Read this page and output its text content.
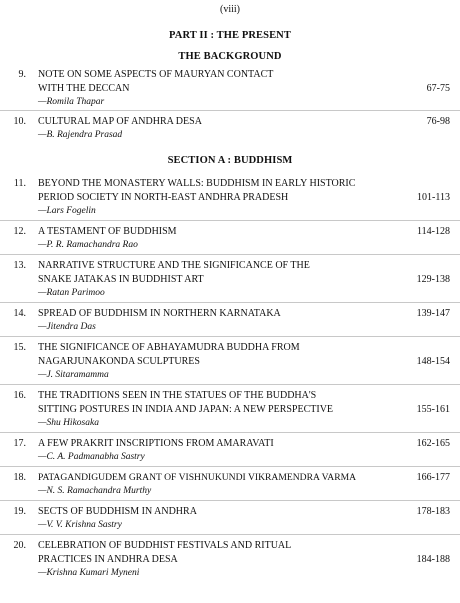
(viii)
PART II : THE PRESENT
THE BACKGROUND
9. NOTE ON SOME ASPECTS OF MAURYAN CONTACT
WITH THE DECCAN
—Romila Thapar
67-75
10. CULTURAL MAP OF ANDHRA DESA
—B. Rajendra Prasad
76-98
SECTION A : BUDDHISM
11. BEYOND THE MONASTERY WALLS: BUDDHISM IN EARLY HISTORIC
PERIOD SOCIETY IN NORTH-EAST ANDHRA PRADESH
—Lars Fogelin
101-113
12. A TESTAMENT OF BUDDHISM
—P. R. Ramachandra Rao
114-128
13. NARRATIVE STRUCTURE AND THE SIGNIFICANCE OF THE
SNAKE JATAKAS IN BUDDHIST ART
—Ratan Parimoo
129-138
14. SPREAD OF BUDDHISM IN NORTHERN KARNATAKA
—Jitendra Das
139-147
15. THE SIGNIFICANCE OF ABHAYAMUDRA BUDDHA FROM
NAGARJUNAKONDA SCULPTURES
—J. Sitaramamma
148-154
16. THE TRADITIONS SEEN IN THE STATUES OF THE BUDDHA'S
SITTING POSTURES IN INDIA AND JAPAN: A NEW PERSPECTIVE
—Shu Hikosaka
155-161
17. A FEW PRAKRIT INSCRIPTIONS FROM AMARAVATI
—C. A. Padmanabha Sastry
162-165
18. PATAGANDIGUDEM GRANT OF VISHNUKUNDI VIKRAMENDRA VARMA
—N. S. Ramachandra Murthy
166-177
19. SECTS OF BUDDHISM IN ANDHRA
—V. V. Krishna Sastry
178-183
20. CELEBRATION OF BUDDHIST FESTIVALS AND RITUAL
PRACTICES IN ANDHRA DESA
—Krishna Kumari Myneni
184-188
